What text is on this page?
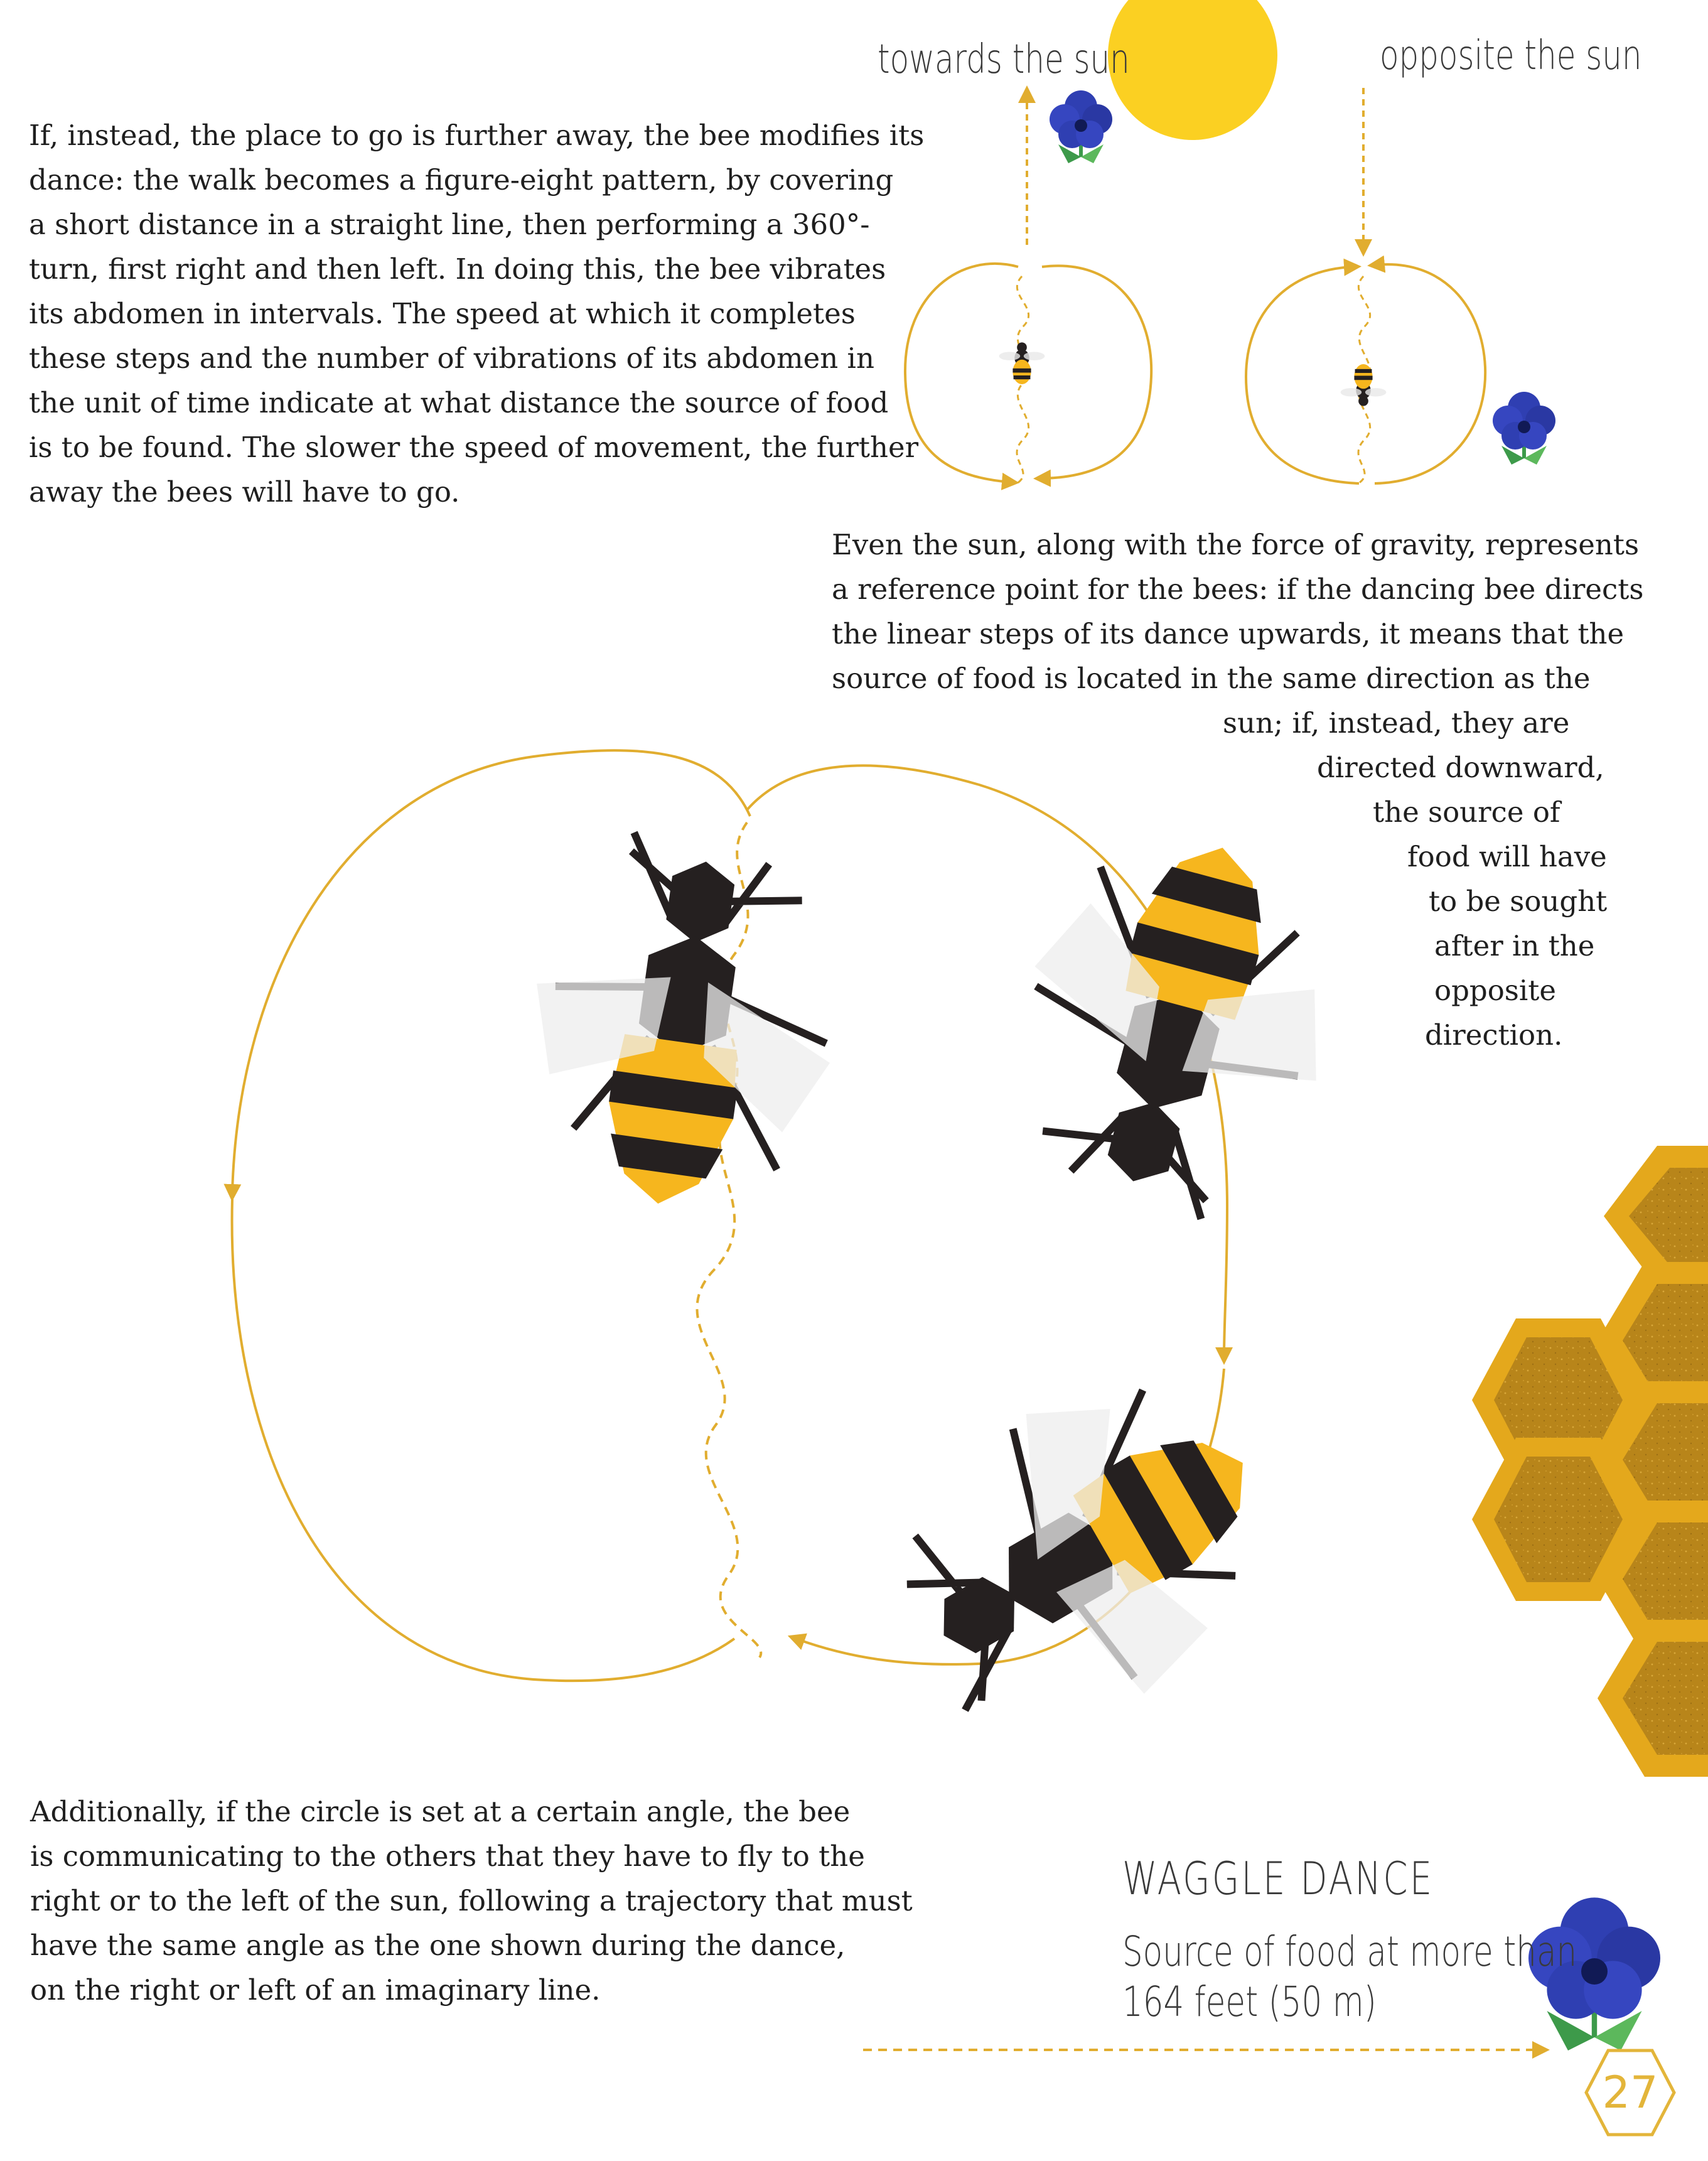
If, instead, the place to go is further away, the bee modifies its
dance: the walk becomes a figure-eight pattern, by covering
a short distance in a straight line, then performing a 360°-
turn, first right and then left. In doing this, the bee vibrates
its abdomen in intervals. The speed at which it completes
these steps and the number of vibrations of its abdomen in
the unit of time indicate at what distance the source of food
is to be found. The slower the speed of movement, the further
away the bees will have to go.
towards the sun	opposite the sun
Even the sun, along with the force of gravity, represents
a reference point for the bees: if the dancing bee directs
the linear steps of its dance upwards, it means that the
source of food is located in the same direction as the
sun; if, instead, they are
directed downward,
the source of
food will have
to be sought
after in the
opposite
direction.
Additionally, if the circle is set at a certain angle, the bee
is communicating to the others that they have to fly to the
right or to the left of the sun, following a trajectory that must
have the same angle as the one shown during the dance,
on the right or left of an imaginary line.
WAGGLE DANCE
Source of food at more than
164 feet (50 m)
27
